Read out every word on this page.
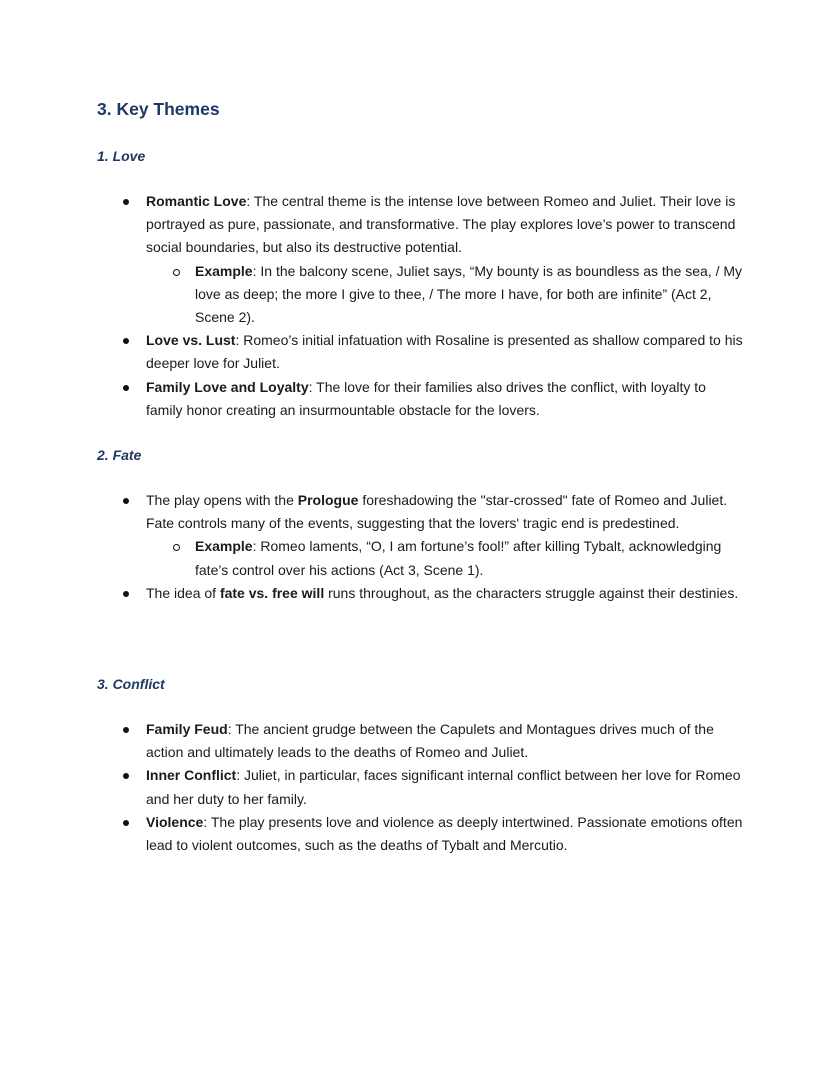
3. Key Themes
1. Love
Romantic Love: The central theme is the intense love between Romeo and Juliet. Their love is portrayed as pure, passionate, and transformative. The play explores love’s power to transcend social boundaries, but also its destructive potential.
Example: In the balcony scene, Juliet says, “My bounty is as boundless as the sea, / My love as deep; the more I give to thee, / The more I have, for both are infinite” (Act 2, Scene 2).
Love vs. Lust: Romeo’s initial infatuation with Rosaline is presented as shallow compared to his deeper love for Juliet.
Family Love and Loyalty: The love for their families also drives the conflict, with loyalty to family honor creating an insurmountable obstacle for the lovers.
2. Fate
The play opens with the Prologue foreshadowing the "star-crossed" fate of Romeo and Juliet. Fate controls many of the events, suggesting that the lovers' tragic end is predestined.
Example: Romeo laments, “O, I am fortune’s fool!” after killing Tybalt, acknowledging fate’s control over his actions (Act 3, Scene 1).
The idea of fate vs. free will runs throughout, as the characters struggle against their destinies.
3. Conflict
Family Feud: The ancient grudge between the Capulets and Montagues drives much of the action and ultimately leads to the deaths of Romeo and Juliet.
Inner Conflict: Juliet, in particular, faces significant internal conflict between her love for Romeo and her duty to her family.
Violence: The play presents love and violence as deeply intertwined. Passionate emotions often lead to violent outcomes, such as the deaths of Tybalt and Mercutio.
